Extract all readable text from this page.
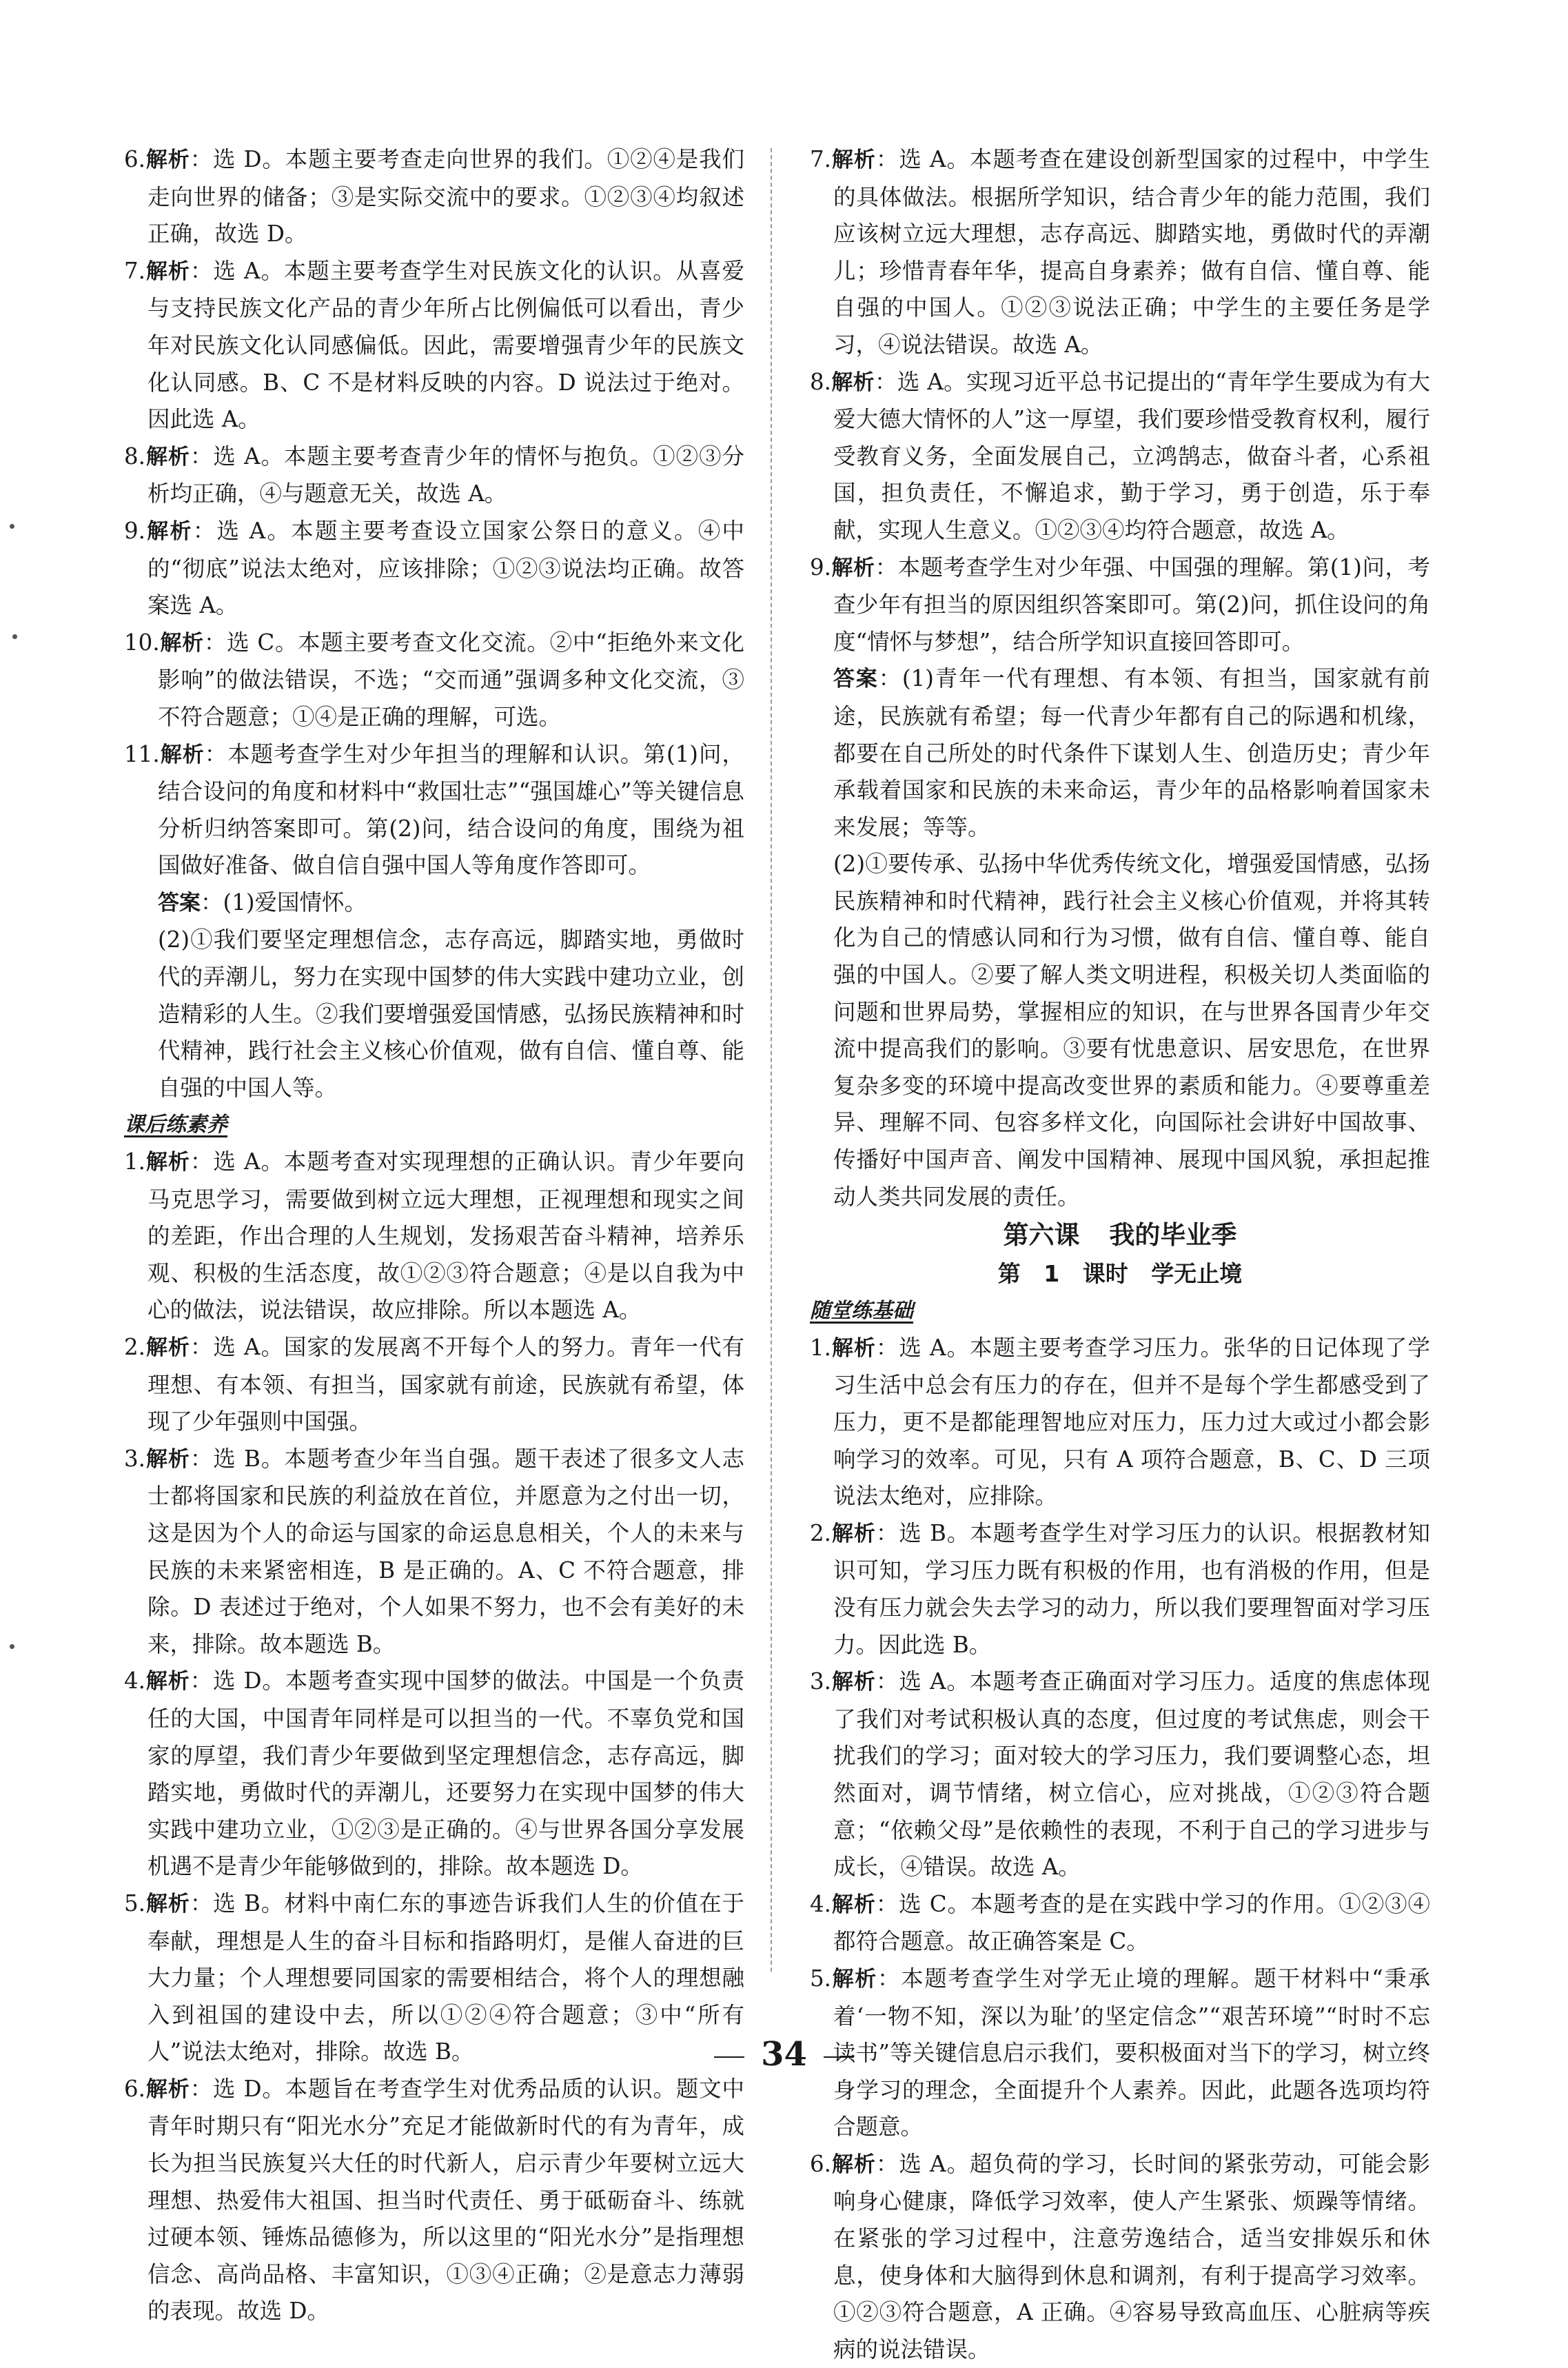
6.解析：选 D。本题主要考查走向世界的我们。①②④是我们走向世界的储备；③是实际交流中的要求。①②③④均叙述正确，故选 D。

7.解析：选 A。本题主要考查学生对民族文化的认识。从喜爱与支持民族文化产品的青少年所占比例偏低可以看出，青少年对民族文化认同感偏低。因此，需要增强青少年的民族文化认同感。B、C 不是材料反映的内容。D 说法过于绝对。因此选 A。

8.解析：选 A。本题主要考查青少年的情怀与抱负。①②③分析均正确，④与题意无关，故选 A。

9.解析：选 A。本题主要考查设立国家公祭日的意义。④中的“彻底”说法太绝对，应该排除；①②③说法均正确。故答案选 A。

10.解析：选 C。本题主要考查文化交流。②中“拒绝外来文化影响”的做法错误，不选；“交而通”强调多种文化交流，③不符合题意；①④是正确的理解，可选。

11.解析：本题考查学生对少年担当的理解和认识。第(1)问，结合设问的角度和材料中“救国壮志”“强国雄心”等关键信息分析归纳答案即可。第(2)问，结合设问的角度，围绕为祖国做好准备、做自信自强中国人等角度作答即可。

答案：(1)爱国情怀。

(2)①我们要坚定理想信念，志存高远，脚踏实地，勇做时代的弄潮儿，努力在实现中国梦的伟大实践中建功立业，创造精彩的人生。②我们要增强爱国情感，弘扬民族精神和时代精神，践行社会主义核心价值观，做有自信、懂自尊、能自强的中国人等。

课后练素养

1.解析：选 A。本题考查对实现理想的正确认识。青少年要向马克思学习，需要做到树立远大理想，正视理想和现实之间的差距，作出合理的人生规划，发扬艰苦奋斗精神，培养乐观、积极的生活态度，故①②③符合题意；④是以自我为中心的做法，说法错误，故应排除。所以本题选 A。

2.解析：选 A。国家的发展离不开每个人的努力。青年一代有理想、有本领、有担当，国家就有前途，民族就有希望，体现了少年强则中国强。

3.解析：选 B。本题考查少年当自强。题干表述了很多文人志士都将国家和民族的利益放在首位，并愿意为之付出一切，这是因为个人的命运与国家的命运息息相关，个人的未来与民族的未来紧密相连，B 是正确的。A、C 不符合题意，排除。D 表述过于绝对，个人如果不努力，也不会有美好的未来，排除。故本题选 B。

4.解析：选 D。本题考查实现中国梦的做法。中国是一个负责任的大国，中国青年同样是可以担当的一代。不辜负党和国家的厚望，我们青少年要做到坚定理想信念，志存高远，脚踏实地，勇做时代的弄潮儿，还要努力在实现中国梦的伟大实践中建功立业，①②③是正确的。④与世界各国分享发展机遇不是青少年能够做到的，排除。故本题选 D。

5.解析：选 B。材料中南仁东的事迹告诉我们人生的价值在于奉献，理想是人生的奋斗目标和指路明灯，是催人奋进的巨大力量；个人理想要同国家的需要相结合，将个人的理想融入到祖国的建设中去，所以①②④符合题意；③中“所有人”说法太绝对，排除。故选 B。

6.解析：选 D。本题旨在考查学生对优秀品质的认识。题文中青年时期只有“阳光水分”充足才能做新时代的有为青年，成长为担当民族复兴大任的时代新人，启示青少年要树立远大理想、热爱伟大祖国、担当时代责任、勇于砥砺奋斗、练就过硬本领、锤炼品德修为，所以这里的“阳光水分”是指理想信念、高尚品格、丰富知识，①③④正确；②是意志力薄弱的表现。故选 D。

7.解析：选 A。本题考查在建设创新型国家的过程中，中学生的具体做法。根据所学知识，结合青少年的能力范围，我们应该树立远大理想，志存高远、脚踏实地，勇做时代的弄潮儿；珍惜青春年华，提高自身素养；做有自信、懂自尊、能自强的中国人。①②③说法正确；中学生的主要任务是学习，④说法错误。故选 A。

8.解析：选 A。实现习近平总书记提出的“青年学生要成为有大爱大德大情怀的人”这一厚望，我们要珍惜受教育权利，履行受教育义务，全面发展自己，立鸿鹄志，做奋斗者，心系祖国，担负责任，不懈追求，勤于学习，勇于创造，乐于奉献，实现人生意义。①②③④均符合题意，故选 A。

9.解析：本题考查学生对少年强、中国强的理解。第(1)问，考查少年有担当的原因组织答案即可。第(2)问，抓住设问的角度“情怀与梦想”，结合所学知识直接回答即可。

答案：(1)青年一代有理想、有本领、有担当，国家就有前途，民族就有希望；每一代青少年都有自己的际遇和机缘，都要在自己所处的时代条件下谋划人生、创造历史；青少年承载着国家和民族的未来命运，青少年的品格影响着国家未来发展；等等。

(2)①要传承、弘扬中华优秀传统文化，增强爱国情感，弘扬民族精神和时代精神，践行社会主义核心价值观，并将其转化为自己的情感认同和行为习惯，做有自信、懂自尊、能自强的中国人。②要了解人类文明进程，积极关切人类面临的问题和世界局势，掌握相应的知识，在与世界各国青少年交流中提高我们的影响。③要有忧患意识、居安思危，在世界复杂多变的环境中提高改变世界的素质和能力。④要尊重差异、理解不同、包容多样文化，向国际社会讲好中国故事、传播好中国声音、阐发中国精神、展现中国风貌，承担起推动人类共同发展的责任。

第六课 我的毕业季

第 1 课时 学无止境

随堂练基础

1.解析：选 A。本题主要考查学习压力。张华的日记体现了学习生活中总会有压力的存在，但并不是每个学生都感受到了压力，更不是都能理智地应对压力，压力过大或过小都会影响学习的效率。可见，只有 A 项符合题意，B、C、D 三项说法太绝对，应排除。

2.解析：选 B。本题考查学生对学习压力的认识。根据教材知识可知，学习压力既有积极的作用，也有消极的作用，但是没有压力就会失去学习的动力，所以我们要理智面对学习压力。因此选 B。

3.解析：选 A。本题考查正确面对学习压力。适度的焦虑体现了我们对考试积极认真的态度，但过度的考试焦虑，则会干扰我们的学习；面对较大的学习压力，我们要调整心态，坦然面对，调节情绪，树立信心，应对挑战，①②③符合题意；“依赖父母”是依赖性的表现，不利于自己的学习进步与成长，④错误。故选 A。

4.解析：选 C。本题考查的是在实践中学习的作用。①②③④都符合题意。故正确答案是 C。

5.解析：本题考查学生对学无止境的理解。题干材料中“秉承着‘一物不知，深以为耻’的坚定信念”“艰苦环境”“时时不忘读书”等关键信息启示我们，要积极面对当下的学习，树立终身学习的理念，全面提升个人素养。因此，此题各选项均符合题意。

6.解析：选 A。超负荷的学习，长时间的紧张劳动，可能会影响身心健康，降低学习效率，使人产生紧张、烦躁等情绪。在紧张的学习过程中，注意劳逸结合，适当安排娱乐和休息，使身体和大脑得到休息和调剂，有利于提高学习效率。①②③符合题意，A 正确。④容易导致高血压、心脏病等疾病的说法错误。

34
